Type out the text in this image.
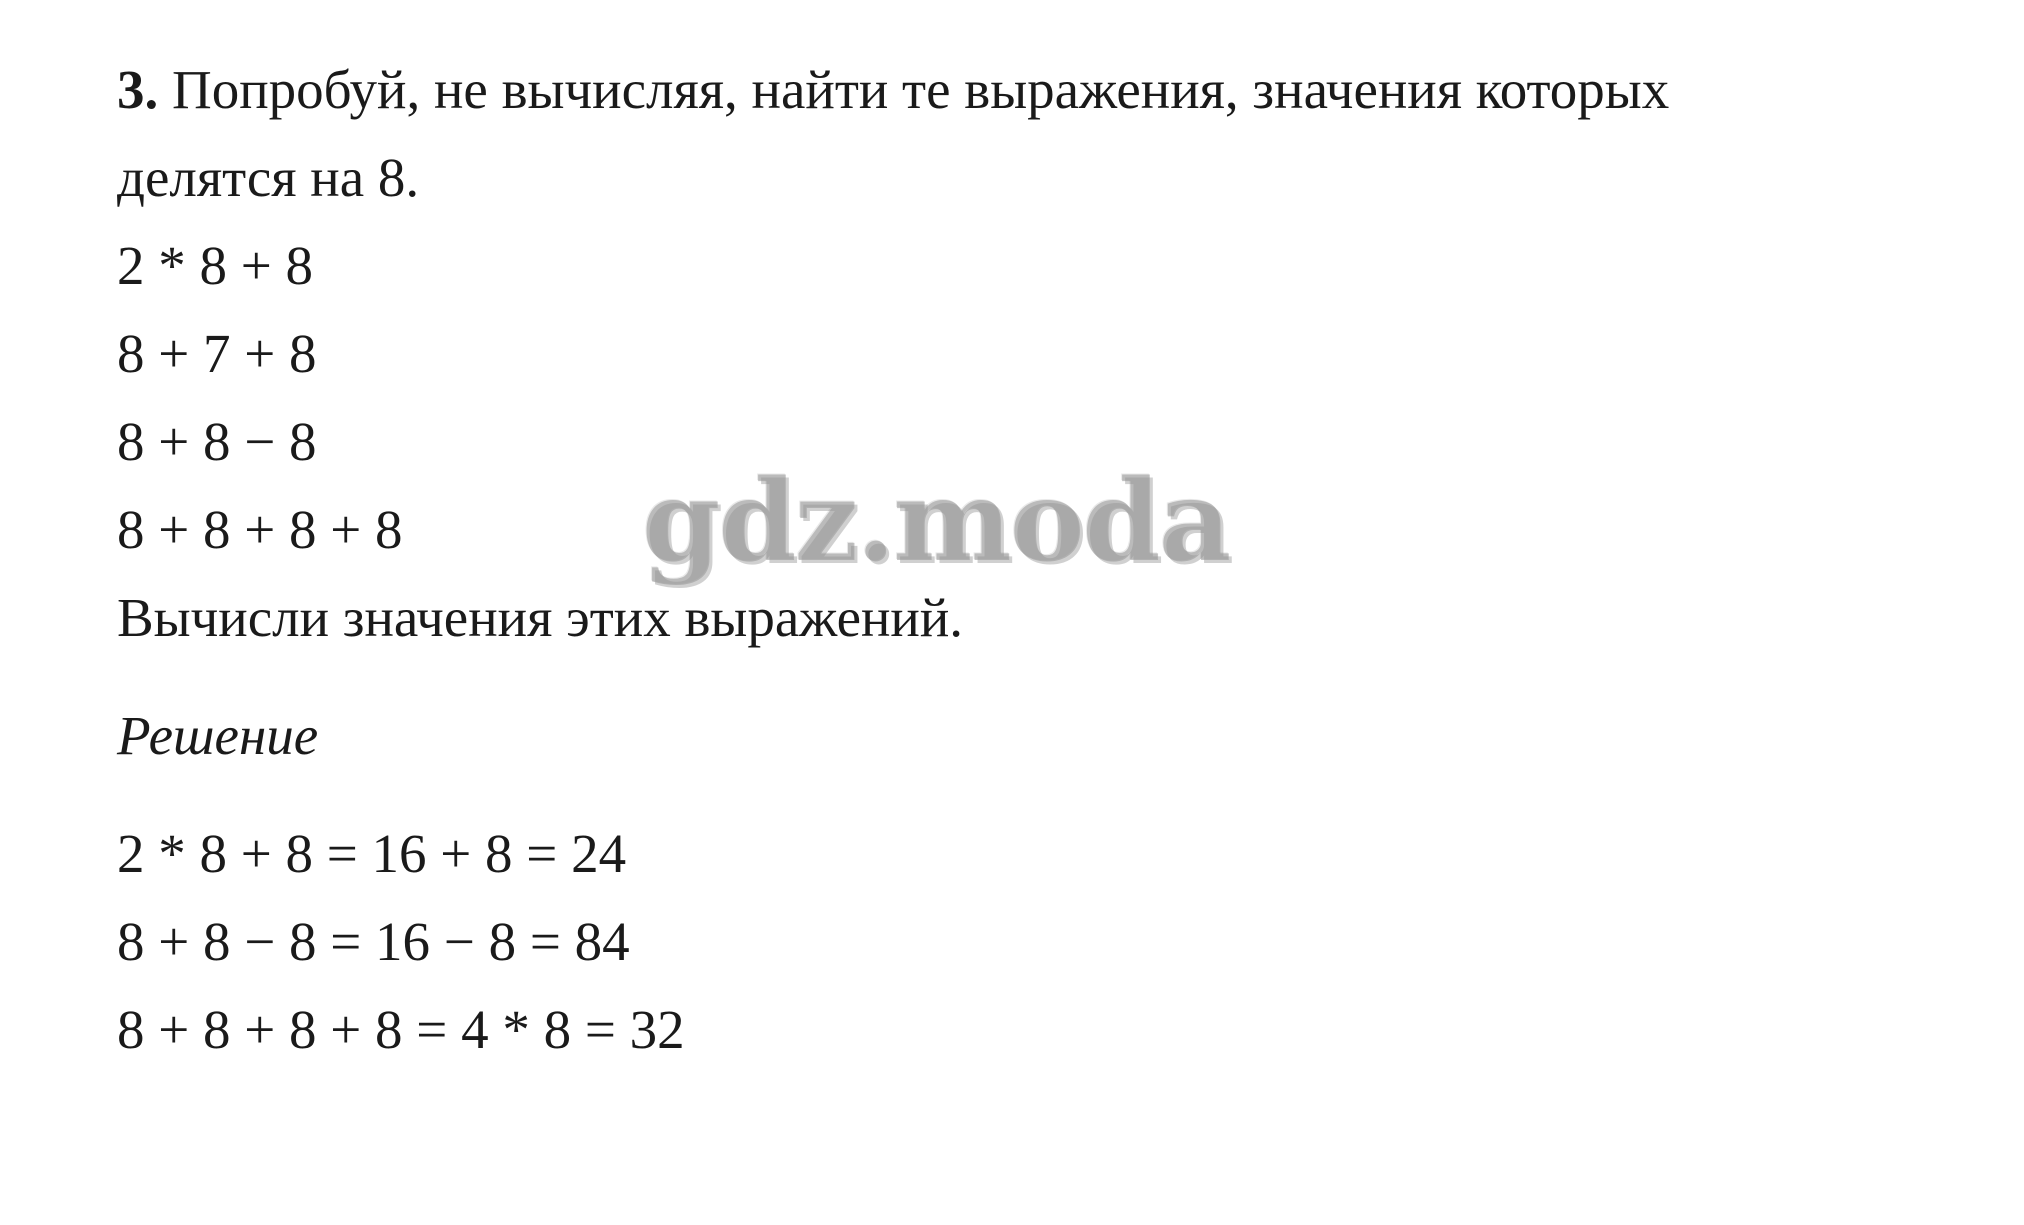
3. Попробуй, не вычисляя, найти те выражения, значения которых
делятся на 8.
2 * 8 + 8
8 + 7 + 8
8 + 8 − 8
8 + 8 + 8 + 8
Вычисли значения этих выражений.
Решение
2 * 8 + 8 = 16 + 8 = 24
8 + 8 − 8 = 16 − 8 = 84
8 + 8 + 8 + 8 = 4 * 8 = 32
gdz.moda
